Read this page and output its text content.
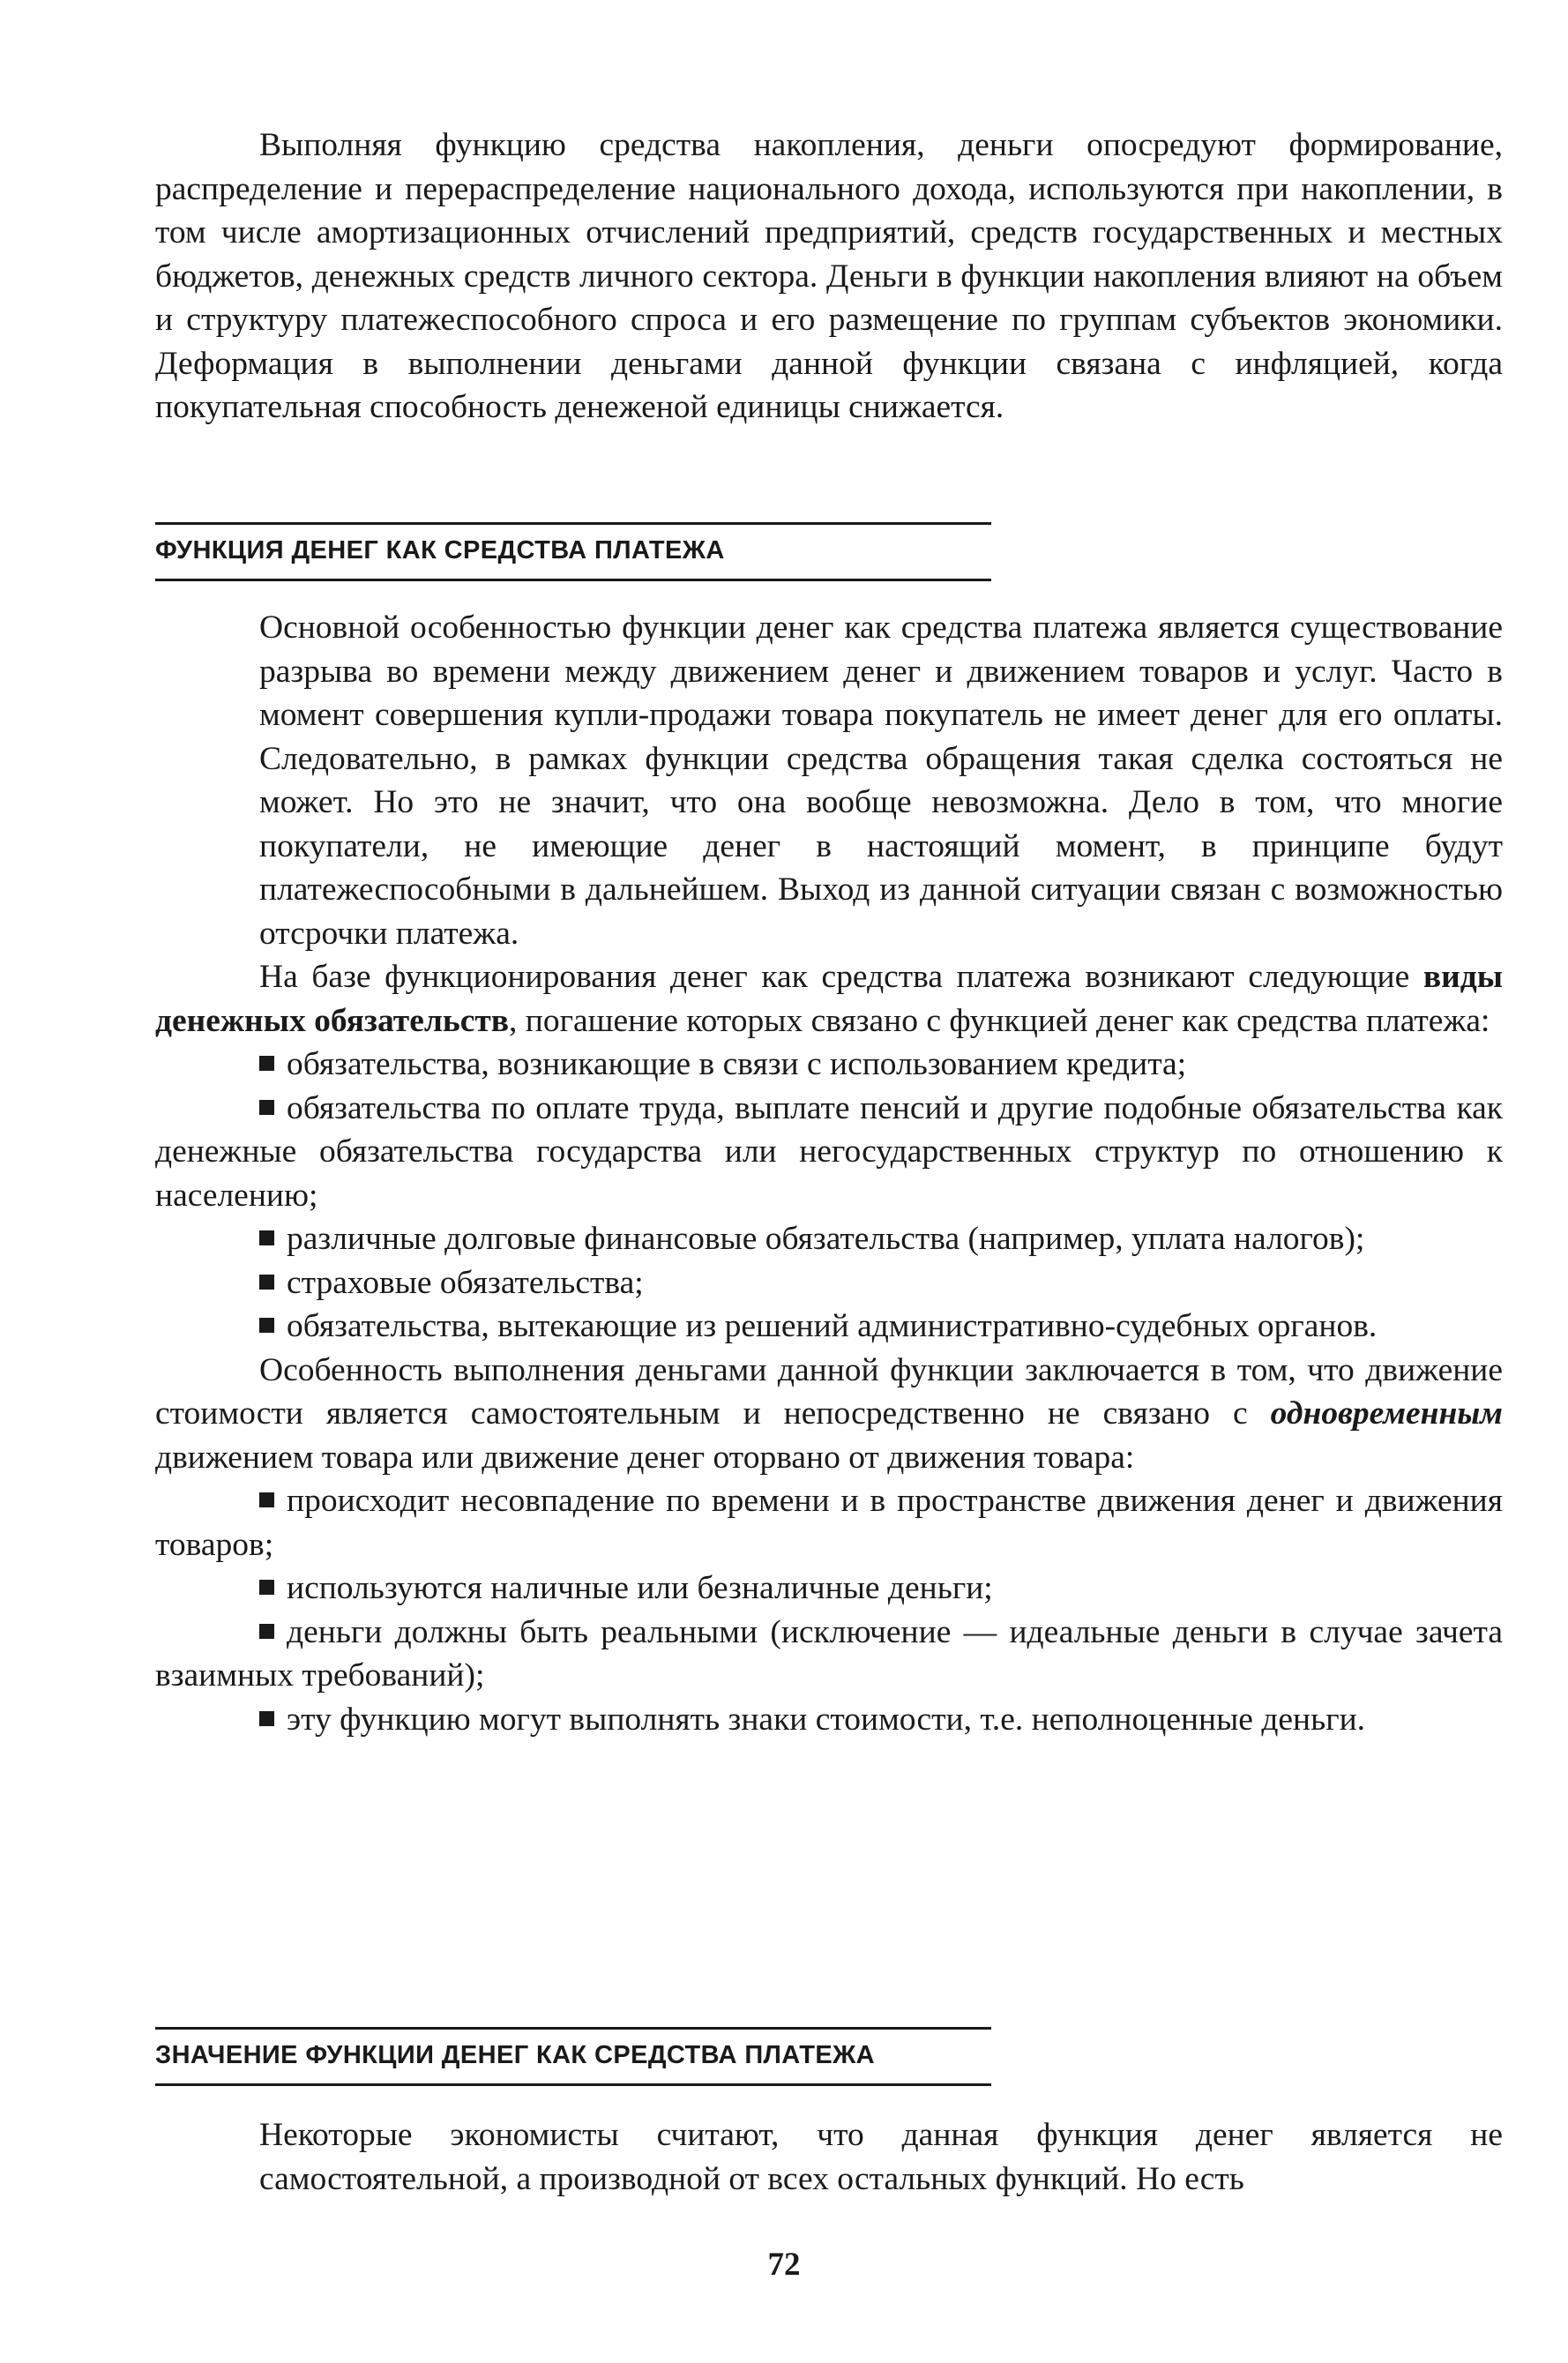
Выполняя функцию средства накопления, деньги опосредуют формирование, распределение и перераспределение национального дохода, используются при накоплении, в том числе амортизационных отчислений предприятий, средств государственных и местных бюджетов, денежных средств личного сектора. Деньги в функции накопления влияют на объем и структуру платежеспособного спроса и его размещение по группам субъектов экономики. Деформация в выполнении деньгами данной функции связана с инфляцией, когда покупательная способность денеженой единицы снижается.

ФУНКЦИЯ ДЕНЕГ КАК СРЕДСТВА ПЛАТЕЖА

Основной особенностью функции денег как средства платежа является существование разрыва во времени между движением денег и движением товаров и услуг. Часто в момент совершения купли-продажи товара покупатель не имеет денег для его оплаты. Следовательно, в рамках функции средства обращения такая сделка состояться не может. Но это не значит, что она вообще невозможна. Дело в том, что многие покупатели, не имеющие денег в настоящий момент, в принципе будут платежеспособными в дальнейшем. Выход из данной ситуации связан с возможностью отсрочки платежа.

На базе функционирования денег как средства платежа возникают следующие виды денежных обязательств, погашение которых связано с функцией денег как средства платежа:

обязательства, возникающие в связи с использованием кредита;

обязательства по оплате труда, выплате пенсий и другие подобные обязательства как денежные обязательства государства или негосударственных структур по отношению к населению;

различные долговые финансовые обязательства (например, уплата налогов);

страховые обязательства;

обязательства, вытекающие из решений административно-судебных органов.

Особенность выполнения деньгами данной функции заключается в том, что движение стоимости является самостоятельным и непосредственно не связано с одновременным движением товара или движение денег оторвано от движения товара:

происходит несовпадение по времени и в пространстве движения денег и движения товаров;

используются наличные или безналичные деньги;

деньги должны быть реальными (исключение — идеальные деньги в случае зачета взаимных требований);

эту функцию могут выполнять знаки стоимости, т.е. неполноценные деньги.

ЗНАЧЕНИЕ ФУНКЦИИ ДЕНЕГ КАК СРЕДСТВА ПЛАТЕЖА

Некоторые экономисты считают, что данная функция денег является не самостоятельной, а производной от всех остальных функций. Но есть

72
